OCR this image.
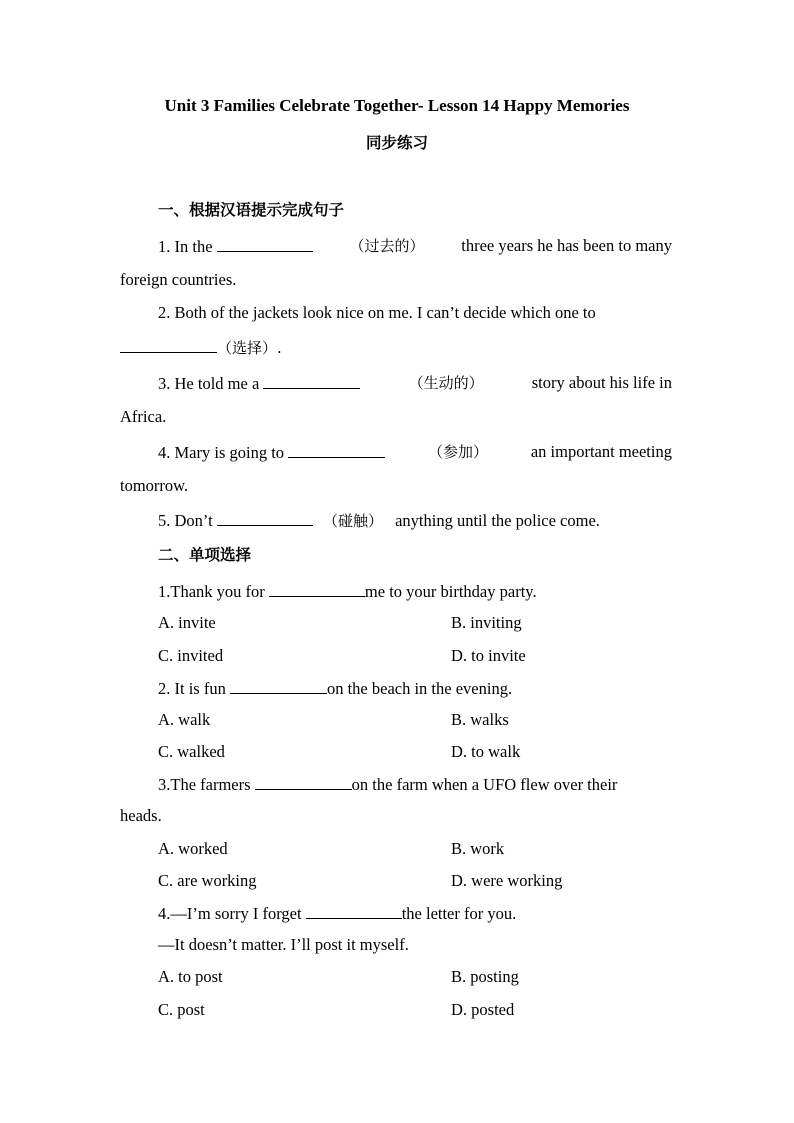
Unit 3 Families Celebrate Together- Lesson 14 Happy Memories
同步练习
一、根据汉语提示完成句子
1. In the	（过去的） three years he has been to many
foreign countries.
2. Both of the jackets look nice on me. I can’t decide which one to
（选择）.
3. He told me a	（生动的）	story about his life in
Africa.
4. Mary is going to	（参加）	an important meeting
tomorrow.
5. Don’t	（碰触） anything until the police come.
二、单项选择
1.Thank you for	me to your birthday party.
A. invite	B. inviting
C. invited	D. to invite
2. It is fun	on the beach in the evening.
A. walk	B. walks
C. walked	D. to walk
3.The farmers	on the farm when a UFO flew over their
heads.
A. worked	B. work
C. are working	D. were working
4.—I’m sorry I forget	the letter for you.
—It doesn’t matter. I’ll post it myself.
A. to post	B. posting
C. post	D. posted
